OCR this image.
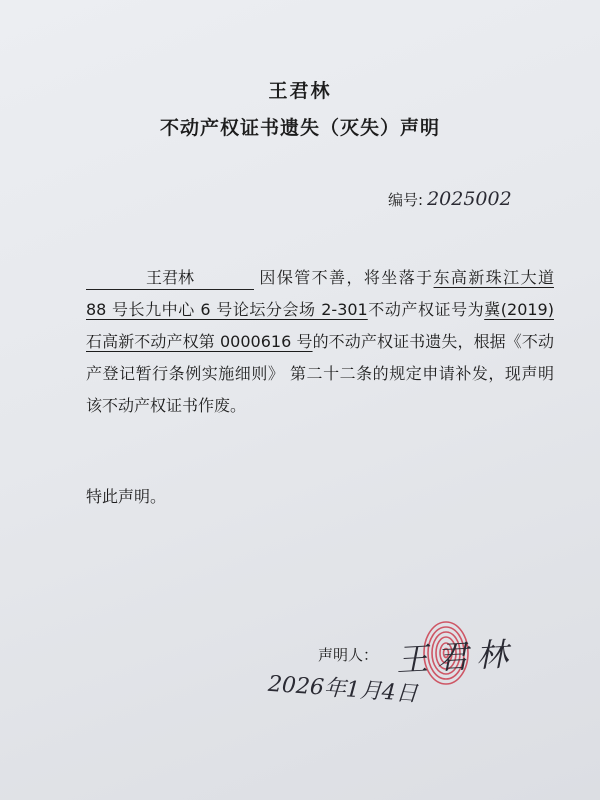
王君林
不动产权证书遗失（灭失）声明
编号: 2025002
王君林	因保管不善，将坐落于东高新珠江大道 88 号长九中心 6 号论坛分会场 2-301不动产权证号为冀(2019)石高新不动产权第 0000616 号的不动产权证书遗失，根据《不动产登记暂行条例实施细则》 第二十二条的规定申请补发，现声明该不动产权证书作废。
特此声明。
声明人： 王君林
2026年1月4日
